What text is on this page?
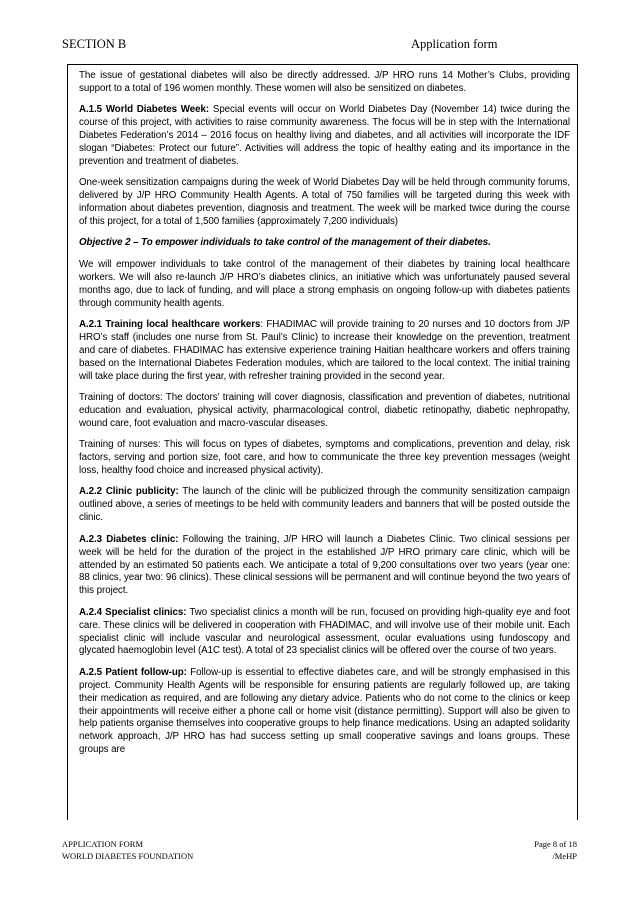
SECTION B	Application form

The issue of gestational diabetes will also be directly addressed. J/P HRO runs 14 Mother’s Clubs, providing support to a total of 196 women monthly. These women will also be sensitized on diabetes.

A.1.5 World Diabetes Week: Special events will occur on World Diabetes Day (November 14) twice during the course of this project, with activities to raise community awareness. The focus will be in step with the International Diabetes Federation’s 2014 – 2016 focus on healthy living and diabetes, and all activities will incorporate the IDF slogan “Diabetes: Protect our future”. Activities will address the topic of healthy eating and its importance in the prevention and treatment of diabetes.

One-week sensitization campaigns during the week of World Diabetes Day will be held through community forums, delivered by J/P HRO Community Health Agents. A total of 750 families will be targeted during this week with information about diabetes prevention, diagnosis and treatment. The week will be marked twice during the course of this project, for a total of 1,500 families (approximately 7,200 individuals)

Objective 2 – To empower individuals to take control of the management of their diabetes.

We will empower individuals to take control of the management of their diabetes by training local healthcare workers. We will also re-launch J/P HRO’s diabetes clinics, an initiative which was unfortunately paused several months ago, due to lack of funding, and will place a strong emphasis on ongoing follow-up with diabetes patients through community health agents.

A.2.1 Training local healthcare workers: FHADIMAC will provide training to 20 nurses and 10 doctors from J/P HRO’s staff (includes one nurse from St. Paul’s Clinic) to increase their knowledge on the prevention, treatment and care of diabetes. FHADIMAC has extensive experience training Haitian healthcare workers and offers training based on the International Diabetes Federation modules, which are tailored to the local context. The initial training will take place during the first year, with refresher training provided in the second year.

Training of doctors: The doctors’ training will cover diagnosis, classification and prevention of diabetes, nutritional education and evaluation, physical activity, pharmacological control, diabetic retinopathy, diabetic nephropathy, wound care, foot evaluation and macro-vascular diseases.

Training of nurses: This will focus on types of diabetes, symptoms and complications, prevention and delay, risk factors, serving and portion size, foot care, and how to communicate the three key prevention messages (weight loss, healthy food choice and increased physical activity).

A.2.2 Clinic publicity: The launch of the clinic will be publicized through the community sensitization campaign outlined above, a series of meetings to be held with community leaders and banners that will be posted outside the clinic.

A.2.3 Diabetes clinic: Following the training, J/P HRO will launch a Diabetes Clinic. Two clinical sessions per week will be held for the duration of the project in the established J/P HRO primary care clinic, which will be attended by an estimated 50 patients each. We anticipate a total of 9,200 consultations over two years (year one: 88 clinics, year two: 96 clinics). These clinical sessions will be permanent and will continue beyond the two years of this project.

A.2.4 Specialist clinics: Two specialist clinics a month will be run, focused on providing high-quality eye and foot care. These clinics will be delivered in cooperation with FHADIMAC, and will involve use of their mobile unit. Each specialist clinic will include vascular and neurological assessment, ocular evaluations using fundoscopy and glycated haemoglobin level (A1C test). A total of 23 specialist clinics will be offered over the course of two years.

A.2.5 Patient follow-up: Follow-up is essential to effective diabetes care, and will be strongly emphasised in this project. Community Health Agents will be responsible for ensuring patients are regularly followed up, are taking their medication as required, and are following any dietary advice. Patients who do not come to the clinics or keep their appointments will receive either a phone call or home visit (distance permitting). Support will also be given to help patients organise themselves into cooperative groups to help finance medications. Using an adapted solidarity network approach, J/P HRO has had success setting up small cooperative savings and loans groups. These groups are

APPLICATION FORM
WORLD DIABETES FOUNDATION
Page 8 of 18
/MeHP
